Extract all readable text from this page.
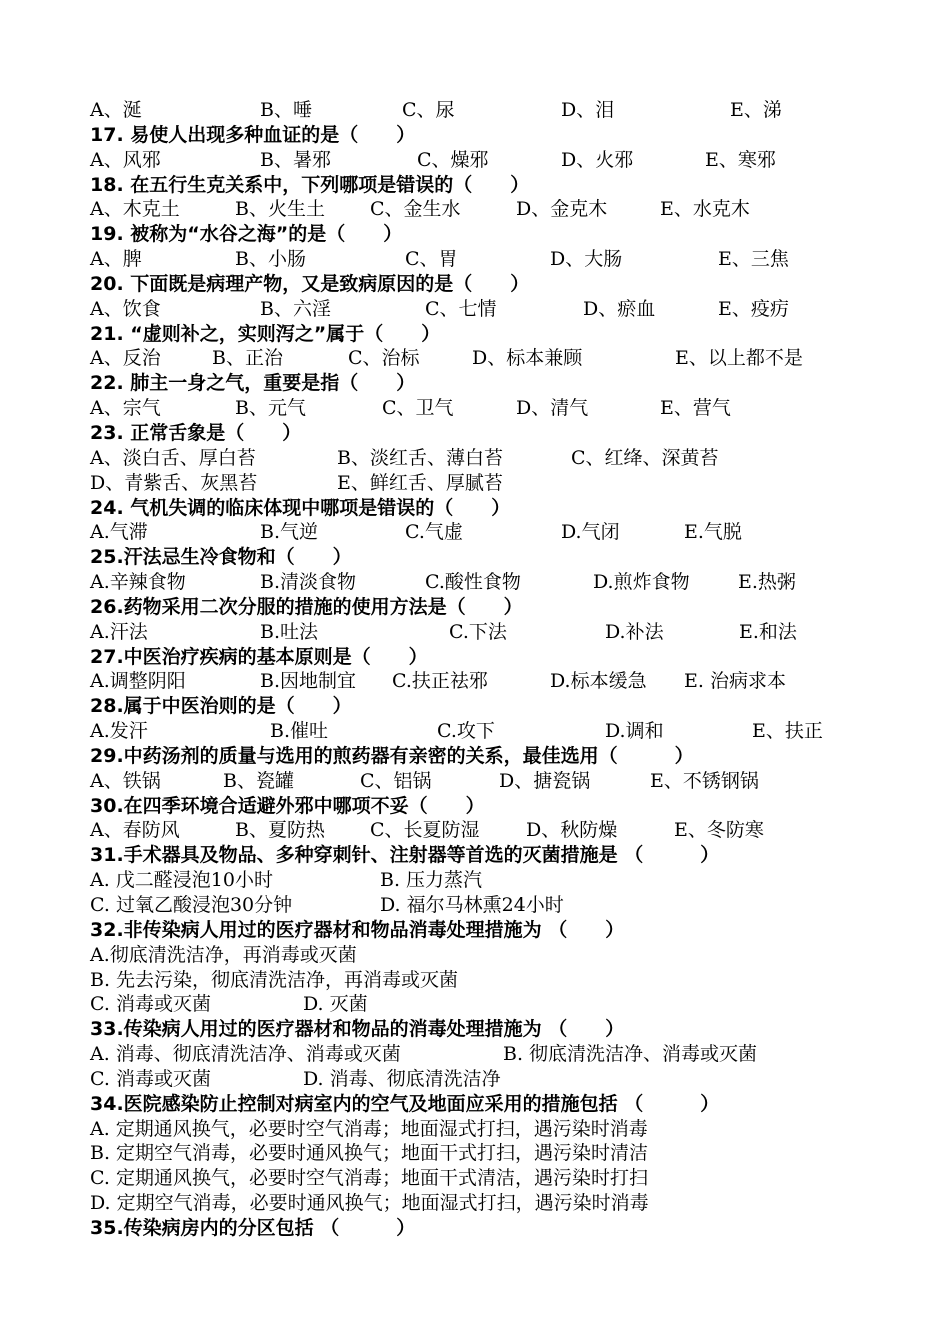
A、涎	B、唾	C、尿	D、泪	E、涕
17. 易使人出现多种血证的是（　　）
A、风邪	B、暑邪	C、燥邪	D、火邪	E、寒邪
18. 在五行生克关系中，下列哪项是错误的（　　）
A、木克土	B、火生土 C、金生水	D、金克木	E、水克木
19. 被称为“水谷之海”的是（　　）
A、脾	B、小肠	C、胃	D、大肠	E、三焦
20. 下面既是病理产物，又是致病原因的是（　　）
A、饮食	B、六淫	C、七情	D、瘀血	E、疫疠
21. “虚则补之，实则泻之”属于（　　）
A、反治	B、正治	C、治标	D、标本兼顾	E、以上都不是
22. 肺主一身之气，重要是指（　　）
A、宗气	B、元气	C、卫气	D、清气	E、营气
23. 正常舌象是（　　）
A、淡白舌、厚白苔	B、淡红舌、薄白苔	C、红绛、深黄苔
D、青紫舌、灰黑苔	E、鲜红舌、厚腻苔
24. 气机失调的临床体现中哪项是错误的（　　）
A.气滞	B.气逆	C.气虚	D.气闭	E.气脱
25.汗法忌生冷食物和（　　）
A.辛辣食物	B.清淡食物	C.酸性食物	D.煎炸食物	E.热粥
26.药物采用二次分服的措施的使用方法是（　　）
A.汗法	B.吐法	C.下法	D.补法	E.和法
27.中医治疗疾病的基本原则是（　　）
A.调整阴阳	B.因地制宜 C.扶正祛邪	D.标本缓急 E. 治病求本
28.属于中医治则的是（　　）
A.发汗	B.催吐	C.攻下	D.调和	E、扶正
29.中药汤剂的质量与选用的煎药器有亲密的关系，最佳选用（　　　）
A、铁锅	B、瓷罐	C、铝锅	D、搪瓷锅	E、不锈钢锅
30.在四季环境合适避外邪中哪项不妥（　　）
A、春防风	B、夏防热 C、长夏防湿 D、秋防燥	E、冬防寒
31.手术器具及物品、多种穿刺针、注射器等首选的灭菌措施是 （　　　）
A. 戊二醛浸泡10小时	B. 压力蒸汽
C. 过氧乙酸浸泡30分钟	D. 福尔马林熏24小时
32.非传染病人用过的医疗器材和物品消毒处理措施为 （　　）
A.彻底清洗洁净，再消毒或灭菌
B. 先去污染，彻底清洗洁净，再消毒或灭菌
C. 消毒或灭菌	D. 灭菌
33.传染病人用过的医疗器材和物品的消毒处理措施为 （　　）
A. 消毒、彻底清洗洁净、消毒或灭菌	B. 彻底清洗洁净、消毒或灭菌
C. 消毒或灭菌	D. 消毒、彻底清洗洁净
34.医院感染防止控制对病室内的空气及地面应采用的措施包括 （　　　）
A. 定期通风换气，必要时空气消毒；地面湿式打扫，遇污染时消毒
B. 定期空气消毒，必要时通风换气；地面干式打扫，遇污染时清洁
C. 定期通风换气，必要时空气消毒；地面干式清洁，遇污染时打扫
D. 定期空气消毒，必要时通风换气；地面湿式打扫，遇污染时消毒
35.传染病房内的分区包括 （　　　）
